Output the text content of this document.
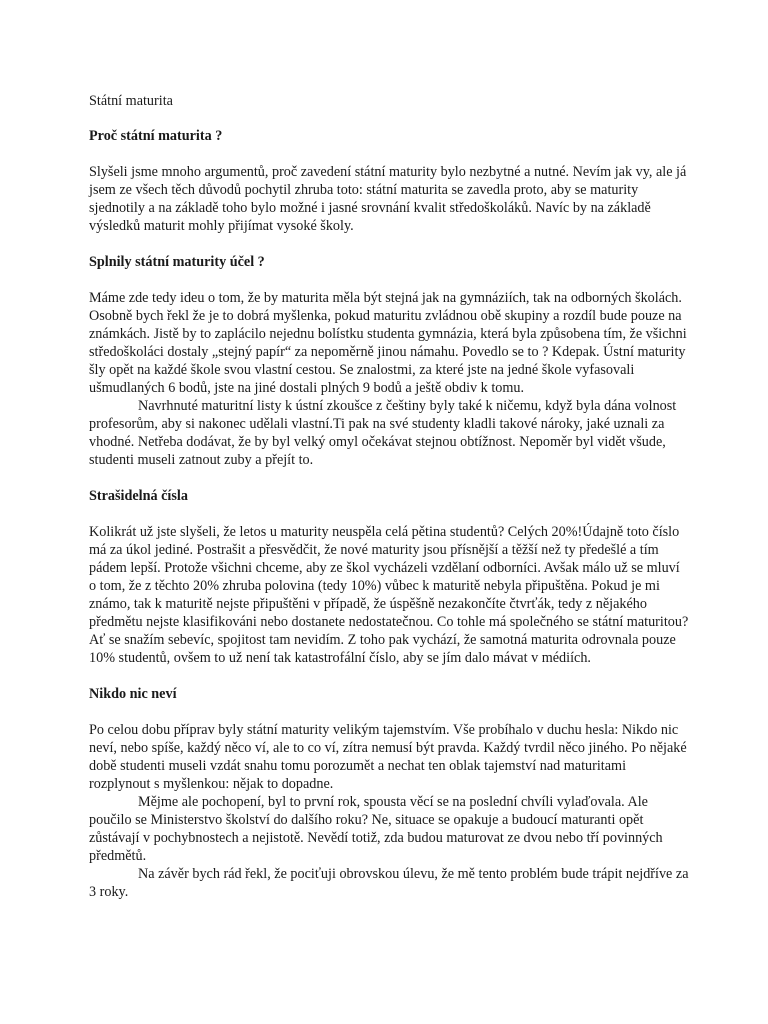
Státní maturita
Proč státní maturita ?

Slyšeli jsme mnoho argumentů, proč zavedení státní maturity bylo nezbytné a nutné. Nevím jak vy, ale já jsem ze všech těch důvodů pochytil zhruba toto: státní maturita se zavedla proto, aby se maturity sjednotily a na základě toho bylo možné i jasné srovnání kvalit středoškoláků. Navíc by na základě výsledků maturit mohly přijímat vysoké školy.

Splnily státní maturity účel ?

Máme zde tedy ideu o tom, že by maturita měla být stejná jak na gymnáziích, tak na odborných školách. Osobně bych řekl že je to dobrá myšlenka, pokud maturitu zvládnou obě skupiny a rozdíl bude pouze na známkách. Jistě by to zaplácilo nejednu bolístku studenta gymnázia, která byla způsobena tím, že všichni středoškoláci dostaly „stejný papír“ za nepoměrně jinou námahu. Povedlo se to ? Kdepak. Ústní maturity šly opět na každé škole svou vlastní cestou. Se znalostmi, za které jste na jedné škole vyfasovali ušmudlaných 6 bodů, jste na jiné dostali plných 9 bodů a ještě obdiv k tomu.

Navrhnuté maturitní listy k ústní zkoušce z češtiny byly také k ničemu, když byla dána volnost profesorům, aby si nakonec udělali vlastní.Ti pak na své studenty kladli takové nároky, jaké uznali za vhodné. Netřeba dodávat, že by byl velký omyl očekávat stejnou obtížnost. Nepoměr byl vidět všude, studenti museli zatnout zuby a přejít to.

Strašidelná čísla

Kolikrát už jste slyšeli, že letos u maturity neuspěla celá pětina studentů? Celých 20%!Údajně toto číslo má za úkol jediné. Postrašit a přesvědčit, že nové maturity jsou přísnější a těžší než ty předešlé a tím pádem lepší. Protože všichni chceme, aby ze škol vycházeli vzdělaní odborníci. Avšak málo už se mluví o tom, že z těchto 20% zhruba polovina (tedy 10%) vůbec k maturitě nebyla připuštěna. Pokud je mi známo, tak k maturitě nejste připuštěni v případě, že úspěšně nezakončíte čtvrťák, tedy z nějakého předmětu nejste klasifikováni nebo dostanete nedostatečnou. Co tohle má společného se státní maturitou? Ať se snažím sebevíc, spojitost tam nevidím. Z toho pak vychází, že samotná maturita odrovnala pouze 10% studentů, ovšem to už není tak katastrofální číslo, aby se jím dalo mávat v médiích.

Nikdo nic neví

Po celou dobu příprav byly státní maturity velikým tajemstvím. Vše probíhalo v duchu hesla: Nikdo nic neví, nebo spíše, každý něco ví, ale to co ví, zítra nemusí být pravda. Každý tvrdil něco jiného. Po nějaké době studenti museli vzdát snahu tomu porozumět a nechat ten oblak tajemství nad maturitami rozplynout s myšlenkou: nějak to dopadne.

Mějme ale pochopení, byl to první rok, spousta věcí se na poslední chvíli vylaďovala. Ale poučilo se Ministerstvo školství do dalšího roku? Ne, situace se opakuje a budoucí maturanti opět zůstávají v pochybnostech a nejistotě. Nevědí totiž, zda budou maturovat ze dvou nebo tří povinných předmětů.

Na závěr bych rád řekl, že pociťuji obrovskou úlevu, že mě tento problém bude trápit nejdříve za 3 roky.
